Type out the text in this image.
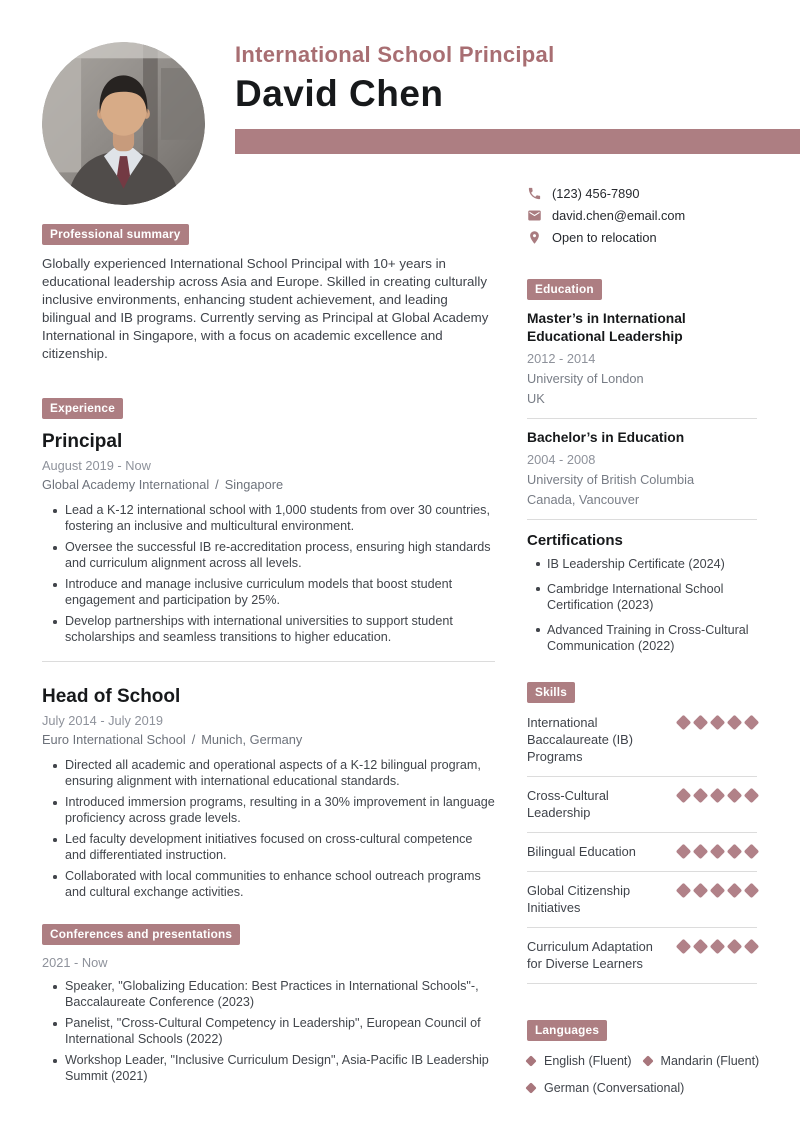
International School Principal
David Chen
Professional summary

Globally experienced International School Principal with 10+ years in educational leadership across Asia and Europe. Skilled in creating culturally inclusive environments, enhancing student achievement, and leading bilingual and IB programs. Currently serving as Principal at Global Academy International in Singapore, with a focus on academic excellence and citizenship.

Experience
Principal
August 2019 - Now
Global Academy International / Singapore
Lead a K-12 international school with 1,000 students from over 30 countries, fostering an inclusive and multicultural environment.
Oversee the successful IB re-accreditation process, ensuring high standards and curriculum alignment across all levels.
Introduce and manage inclusive curriculum models that boost student engagement and participation by 25%.
Develop partnerships with international universities to support student scholarships and seamless transitions to higher education.
Head of School
July 2014 - July 2019
Euro International School / Munich, Germany
Directed all academic and operational aspects of a K-12 bilingual program, ensuring alignment with international educational standards.
Introduced immersion programs, resulting in a 30% improvement in language proficiency across grade levels.
Led faculty development initiatives focused on cross-cultural competence and differentiated instruction.
Collaborated with local communities to enhance school outreach programs and cultural exchange activities.
Conferences and presentations
2021 - Now
Speaker, "Globalizing Education: Best Practices in International Schools"-, Baccalaureate Conference (2023)
Panelist, "Cross-Cultural Competency in Leadership", European Council of International Schools (2022)
Workshop Leader, "Inclusive Curriculum Design", Asia-Pacific IB Leadership Summit (2021)
(123) 456-7890
david.chen@email.com
Open to relocation
Education
Master’s in International Educational Leadership
2012 - 2014
University of London
UK
Bachelor’s in Education
2004 - 2008
University of British Columbia
Canada, Vancouver
Certifications
IB Leadership Certificate (2024)
Cambridge International School Certification (2023)
Advanced Training in Cross-Cultural Communication (2022)
Skills
International Baccalaureate (IB) Programs
Cross-Cultural Leadership
Bilingual Education
Global Citizenship Initiatives
Curriculum Adaptation for Diverse Learners
Languages
English (Fluent) Mandarin (Fluent)
German (Conversational)
